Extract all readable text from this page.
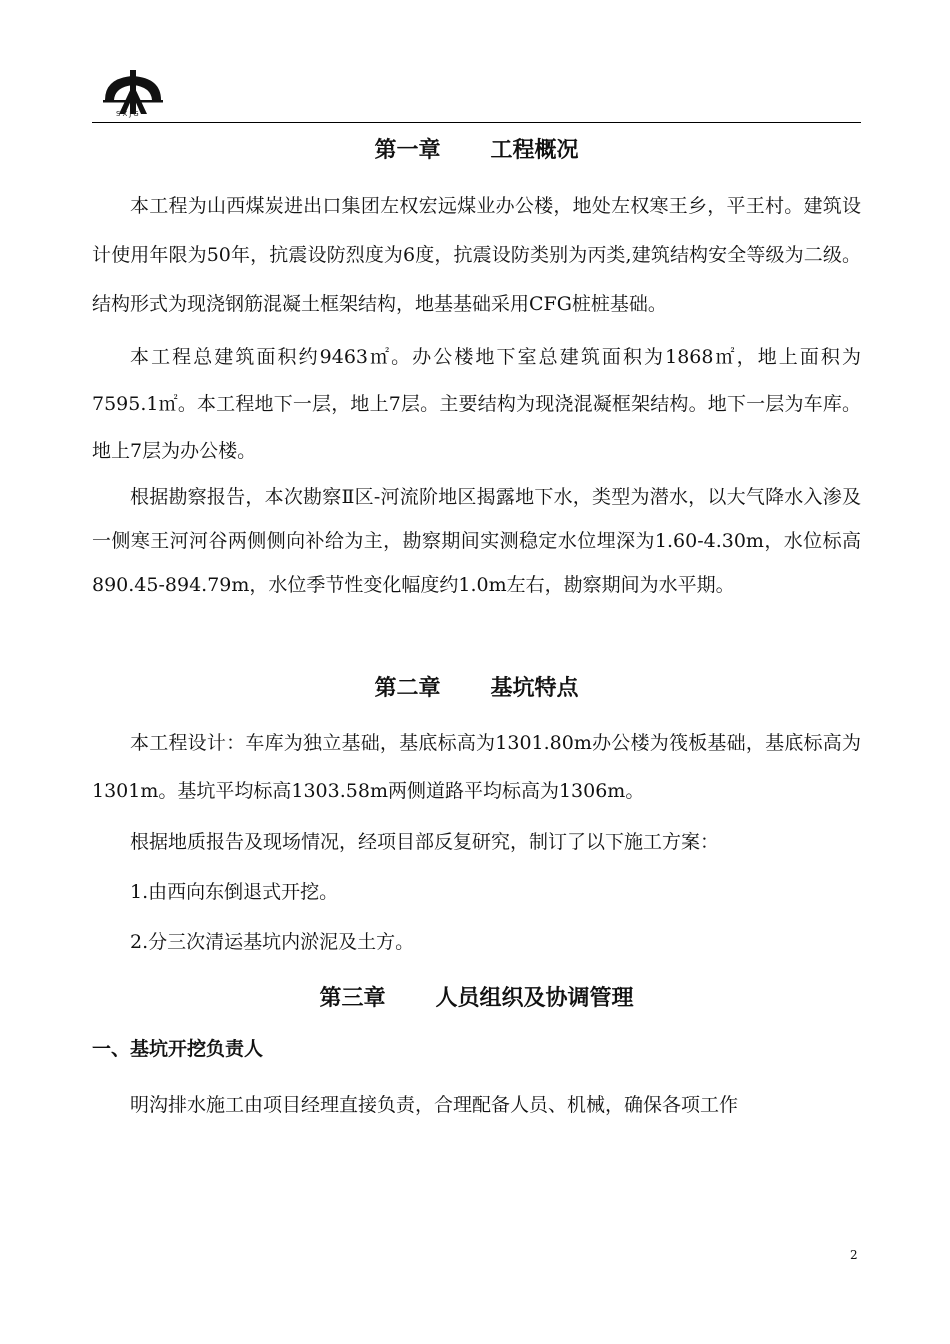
SXJG
第一章 工程概况

本工程为山西煤炭进出口集团左权宏远煤业办公楼，地处左权寒王乡，平王村。建筑设计使用年限为50年，抗震设防烈度为6度，抗震设防类别为丙类,建筑结构安全等级为二级。结构形式为现浇钢筋混凝土框架结构，地基基础采用CFG桩桩基础。

本工程总建筑面积约9463㎡。办公楼地下室总建筑面积为1868㎡，地上面积为7595.1㎡。本工程地下一层，地上7层。主要结构为现浇混凝框架结构。地下一层为车库。地上7层为办公楼。

根据勘察报告，本次勘察Ⅱ区-河流阶地区揭露地下水，类型为潜水，以大气降水入渗及一侧寒王河河谷两侧侧向补给为主，勘察期间实测稳定水位埋深为1.60-4.30m，水位标高890.45-894.79m，水位季节性变化幅度约1.0m左右，勘察期间为水平期。

第二章 基坑特点

本工程设计：车库为独立基础，基底标高为1301.80m办公楼为筏板基础，基底标高为1301m。基坑平均标高1303.58m两侧道路平均标高为1306m。

根据地质报告及现场情况，经项目部反复研究，制订了以下施工方案：

1.由西向东倒退式开挖。

2.分三次清运基坑内淤泥及土方。

第三章 人员组织及协调管理
一、基坑开挖负责人

明沟排水施工由项目经理直接负责，合理配备人员、机械，确保各项工作

2
